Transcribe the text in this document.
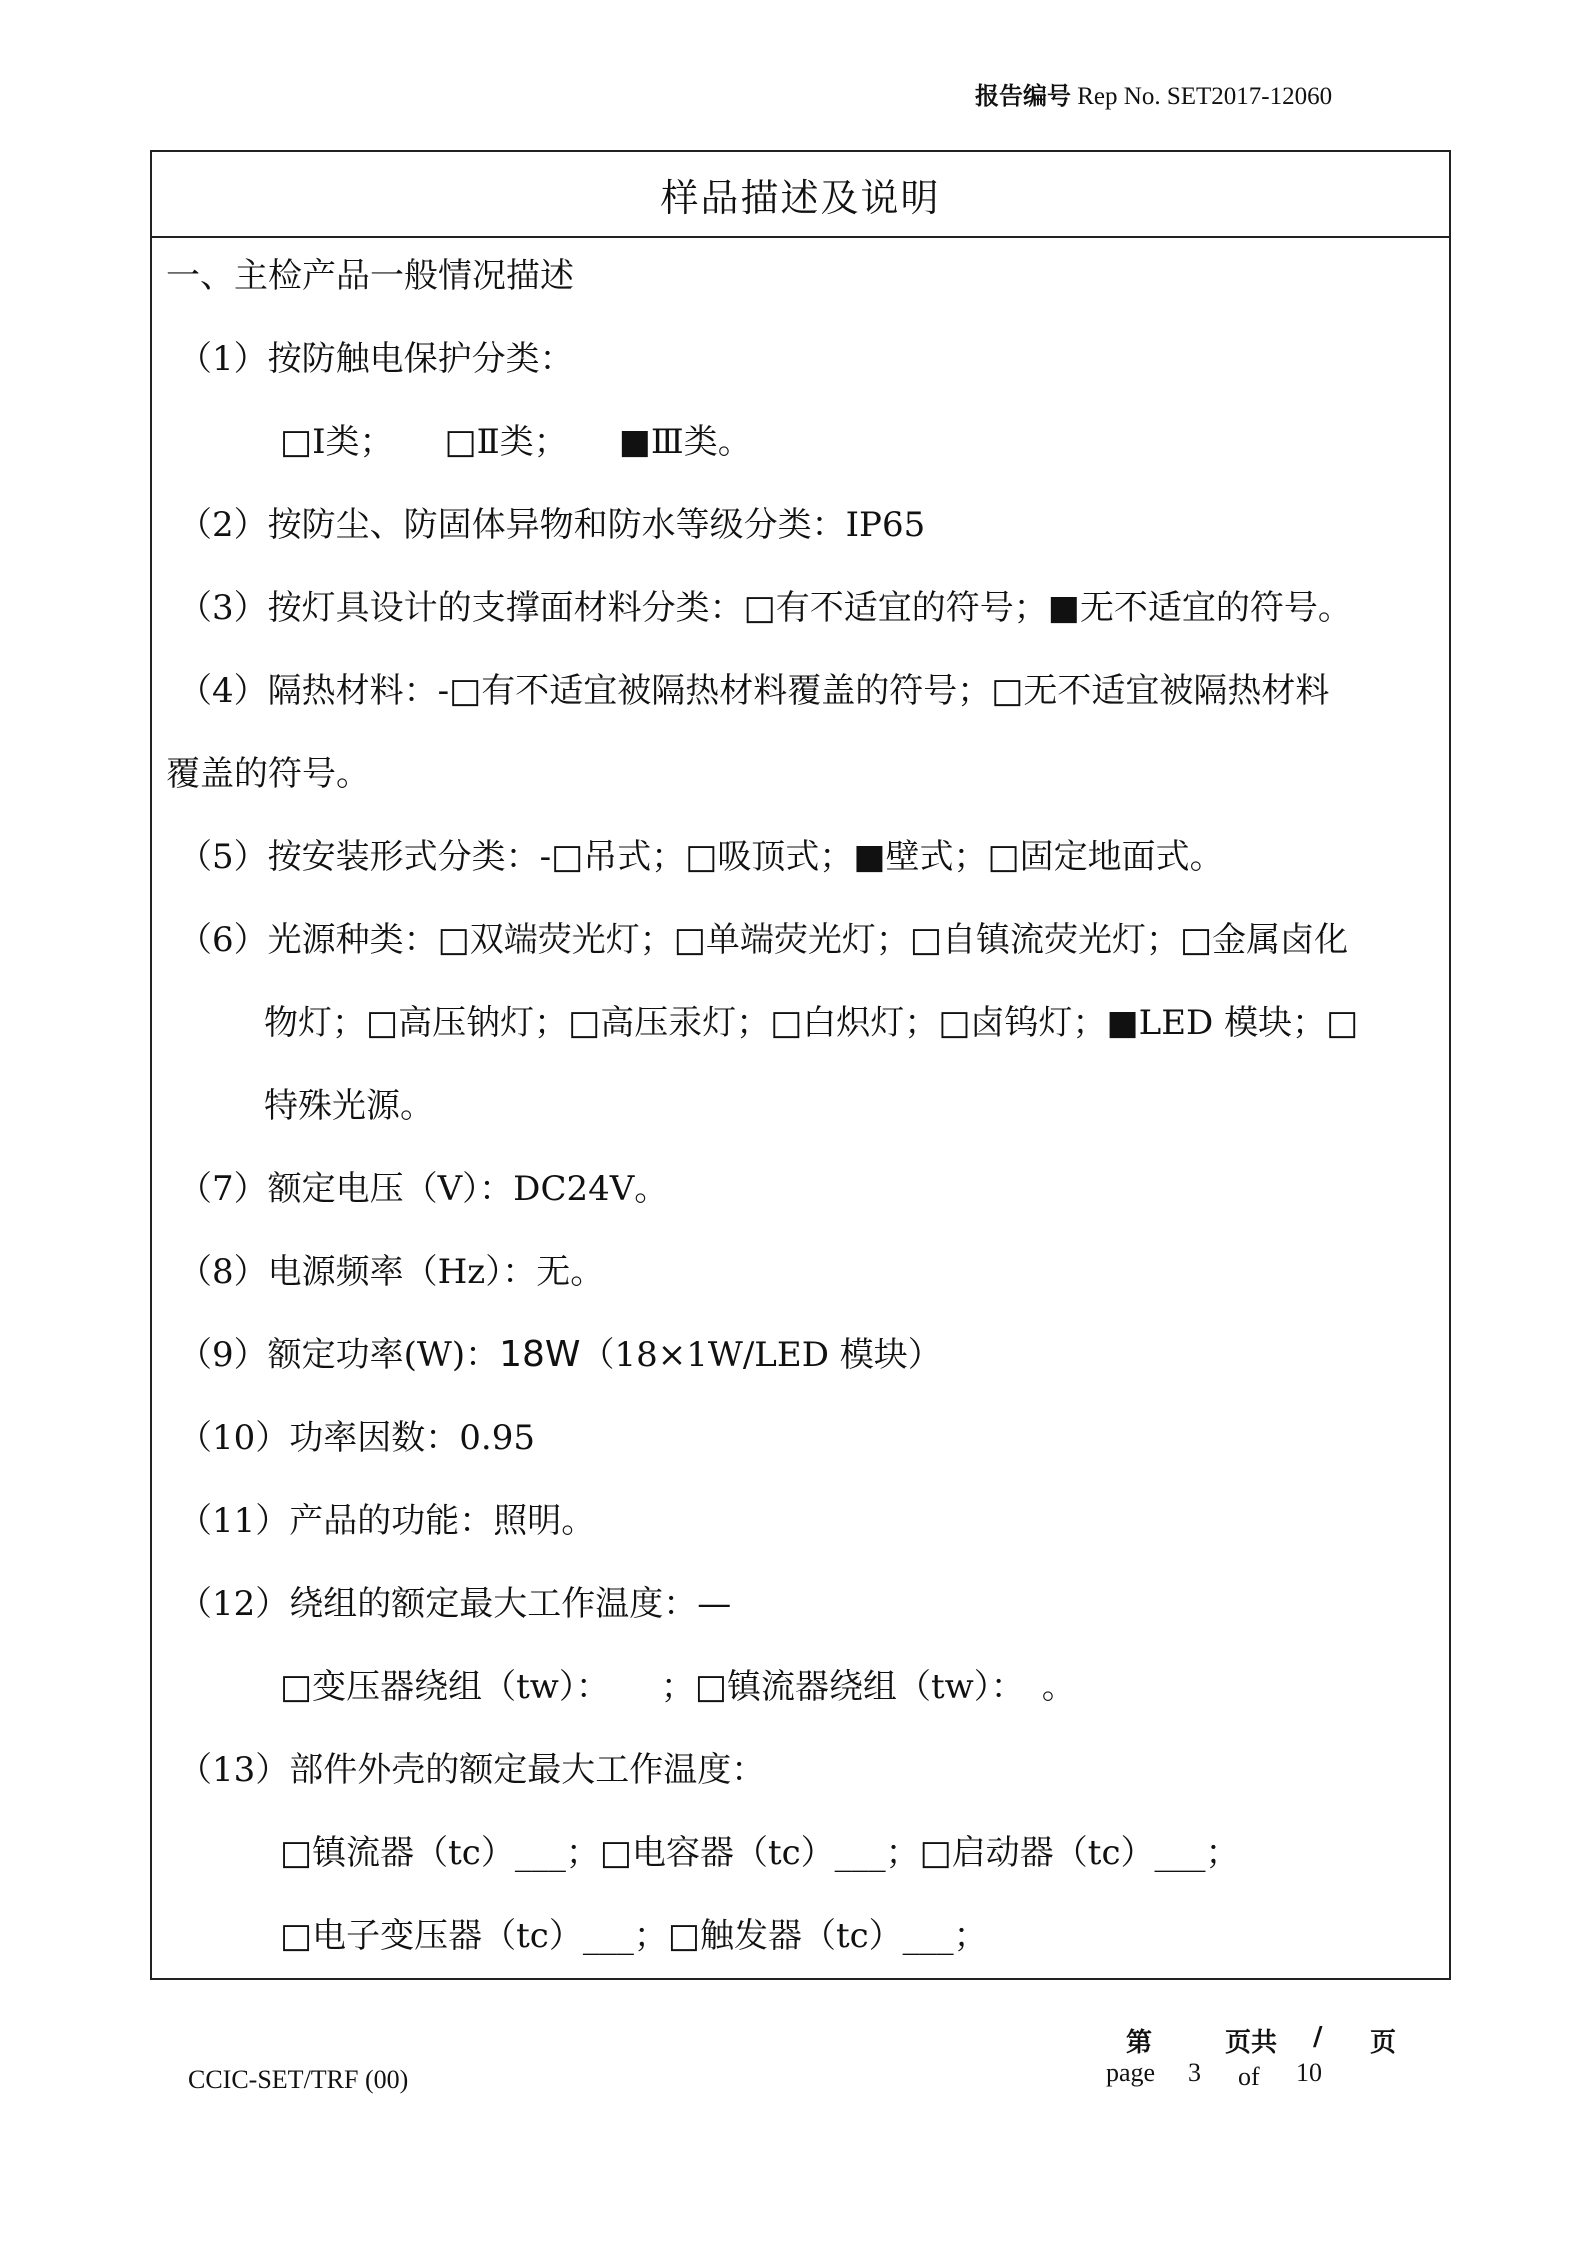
报告编号 Rep No. SET2017-12060
样品描述及说明
一、主检产品一般情况描述
（1）按防触电保护分类：
□Ⅰ类；　　□Ⅱ类；　　■Ⅲ类。
（2）按防尘、防固体异物和防水等级分类：IP65
（3）按灯具设计的支撑面材料分类：□有不适宜的符号；■无不适宜的符号。
（4）隔热材料：-□有不适宜被隔热材料覆盖的符号；□无不适宜被隔热材料
覆盖的符号。
（5）按安装形式分类：-□吊式；□吸顶式；■壁式；□固定地面式。
（6）光源种类：□双端荧光灯；□单端荧光灯；□自镇流荧光灯；□金属卤化
物灯；□高压钠灯；□高压汞灯；□白炽灯；□卤钨灯；■LED 模块；□
特殊光源。
（7）额定电压（V）：DC24V。
（8）电源频率（Hz）：无。
（9）额定功率(W)：18W（18×1W/LED 模块）
（10）功率因数：0.95
（11）产品的功能：照明。
（12）绕组的额定最大工作温度：—
□变压器绕组（tw）：　　；□镇流器绕组（tw）：　。
（13）部件外壳的额定最大工作温度：
□镇流器（tc）___；□电容器（tc）___；□启动器（tc）___；
□电子变压器（tc）___；□触发器（tc）___；
CCIC-SET/TRF (00)
第	页共 / 页
page 3 of 10
